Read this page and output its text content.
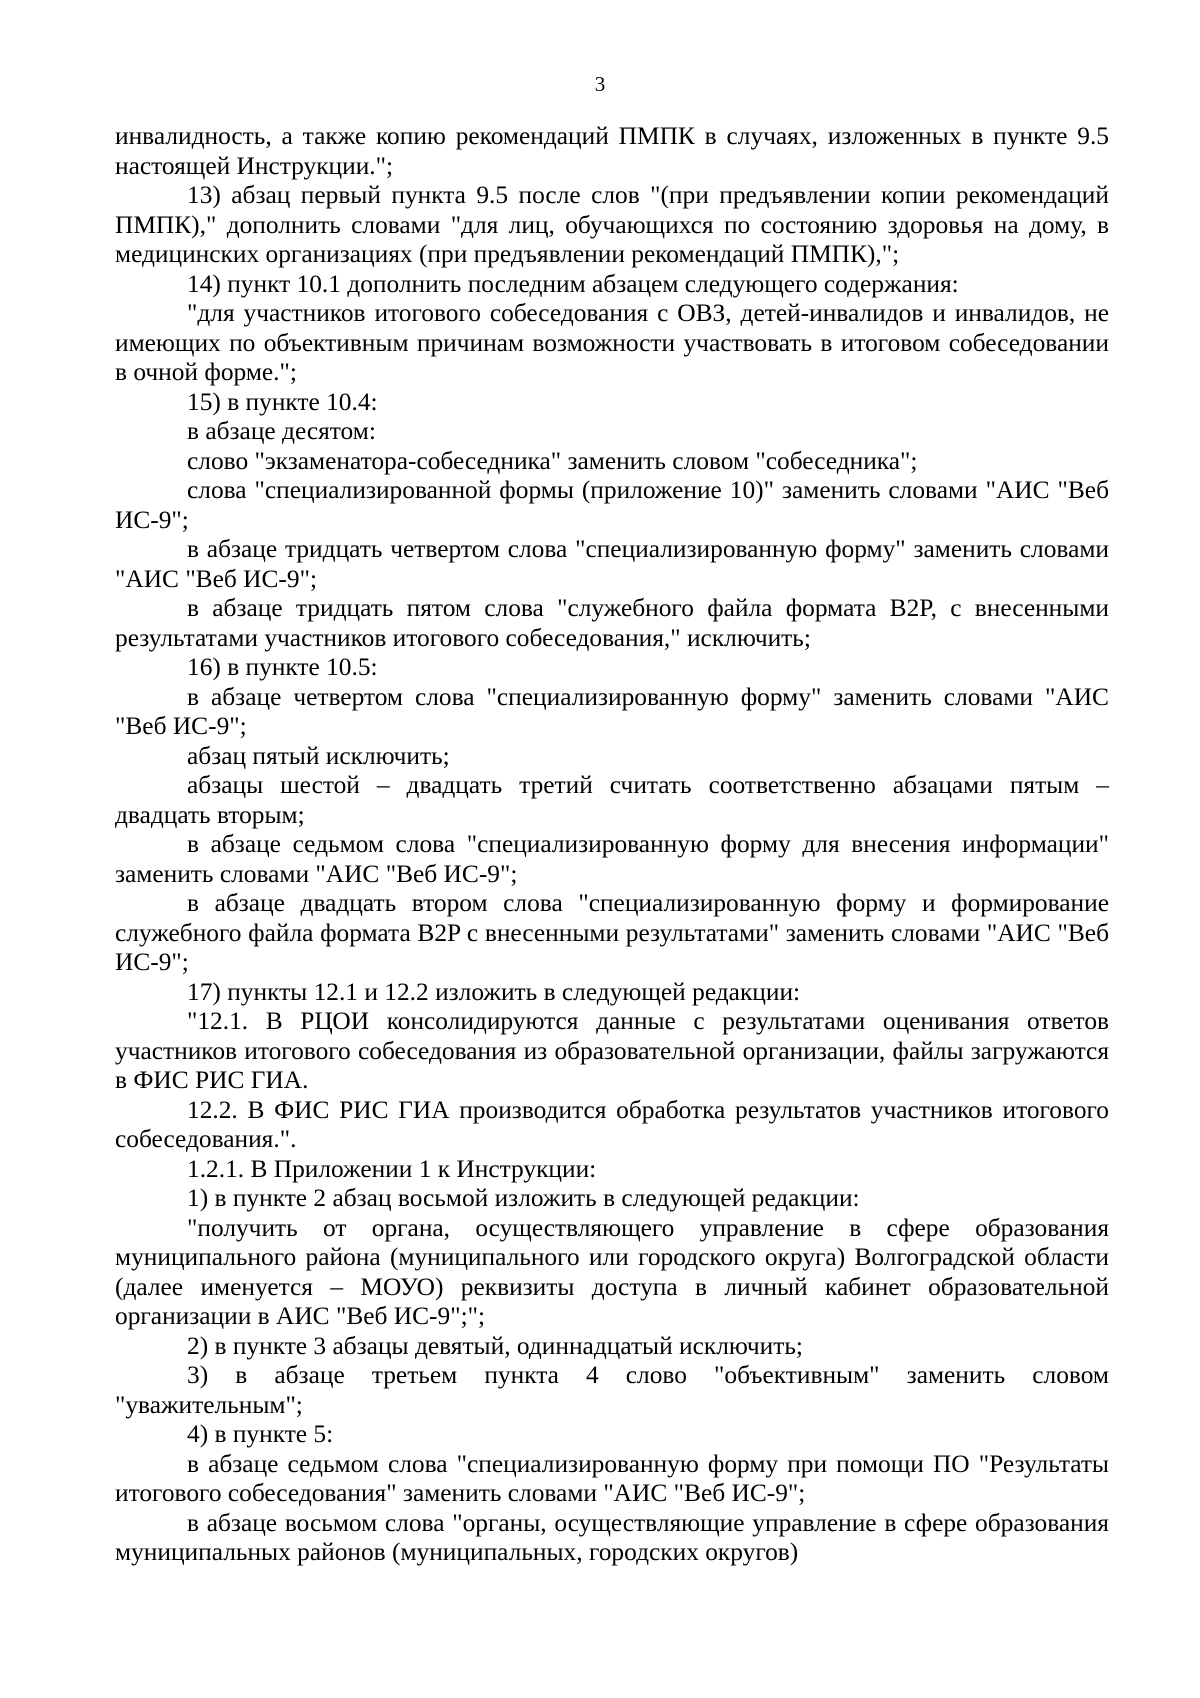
3

инвалидность, а также копию рекомендаций ПМПК в случаях, изложенных в пункте 9.5 настоящей Инструкции.";

13) абзац первый пункта 9.5 после слов "(при предъявлении копии рекомендаций ПМПК)," дополнить словами "для лиц, обучающихся по состоянию здоровья на дому, в медицинских организациях (при предъявлении рекомендаций ПМПК),";

14) пункт 10.1 дополнить последним абзацем следующего содержания:

"для участников итогового собеседования с ОВЗ, детей-инвалидов и инвалидов, не имеющих по объективным причинам возможности участвовать в итоговом собеседовании в очной форме.";

15) в пункте 10.4:

в абзаце десятом:

слово "экзаменатора-собеседника" заменить словом "собеседника";

слова "специализированной формы (приложение 10)" заменить словами "АИС "Веб ИС-9";

в абзаце тридцать четвертом слова "специализированную форму" заменить словами "АИС "Веб ИС-9";

в абзаце тридцать пятом слова "служебного файла формата B2P, с внесенными результатами участников итогового собеседования," исключить;

16) в пункте 10.5:

в абзаце четвертом слова "специализированную форму" заменить словами "АИС "Веб ИС-9";

абзац пятый исключить;

абзацы шестой – двадцать третий считать соответственно абзацами пятым – двадцать вторым;

в абзаце седьмом слова "специализированную форму для внесения информации" заменить словами "АИС "Веб ИС-9";

в абзаце двадцать втором слова "специализированную форму и формирование служебного файла формата B2P с внесенными результатами" заменить словами "АИС "Веб ИС-9";

17) пункты 12.1 и 12.2 изложить в следующей редакции:

"12.1. В РЦОИ консолидируются данные с результатами оценивания ответов участников итогового собеседования из образовательной организации, файлы загружаются в ФИС РИС ГИА.

12.2. В ФИС РИС ГИА производится обработка результатов участников итогового собеседования.".

1.2.1. В Приложении 1 к Инструкции:

1) в пункте 2 абзац восьмой изложить в следующей редакции:

"получить от органа, осуществляющего управление в сфере образования муниципального района (муниципального или городского округа) Волгоградской области (далее именуется – МОУО) реквизиты доступа в личный кабинет образовательной организации в АИС "Веб ИС-9";";

2) в пункте 3 абзацы девятый, одиннадцатый исключить;

3) в абзаце третьем пункта 4 слово "объективным" заменить словом "уважительным";

4) в пункте 5:

в абзаце седьмом слова "специализированную форму при помощи ПО "Результаты итогового собеседования" заменить словами "АИС "Веб ИС-9";

в абзаце восьмом слова "органы, осуществляющие управление в сфере образования муниципальных районов (муниципальных, городских округов)
